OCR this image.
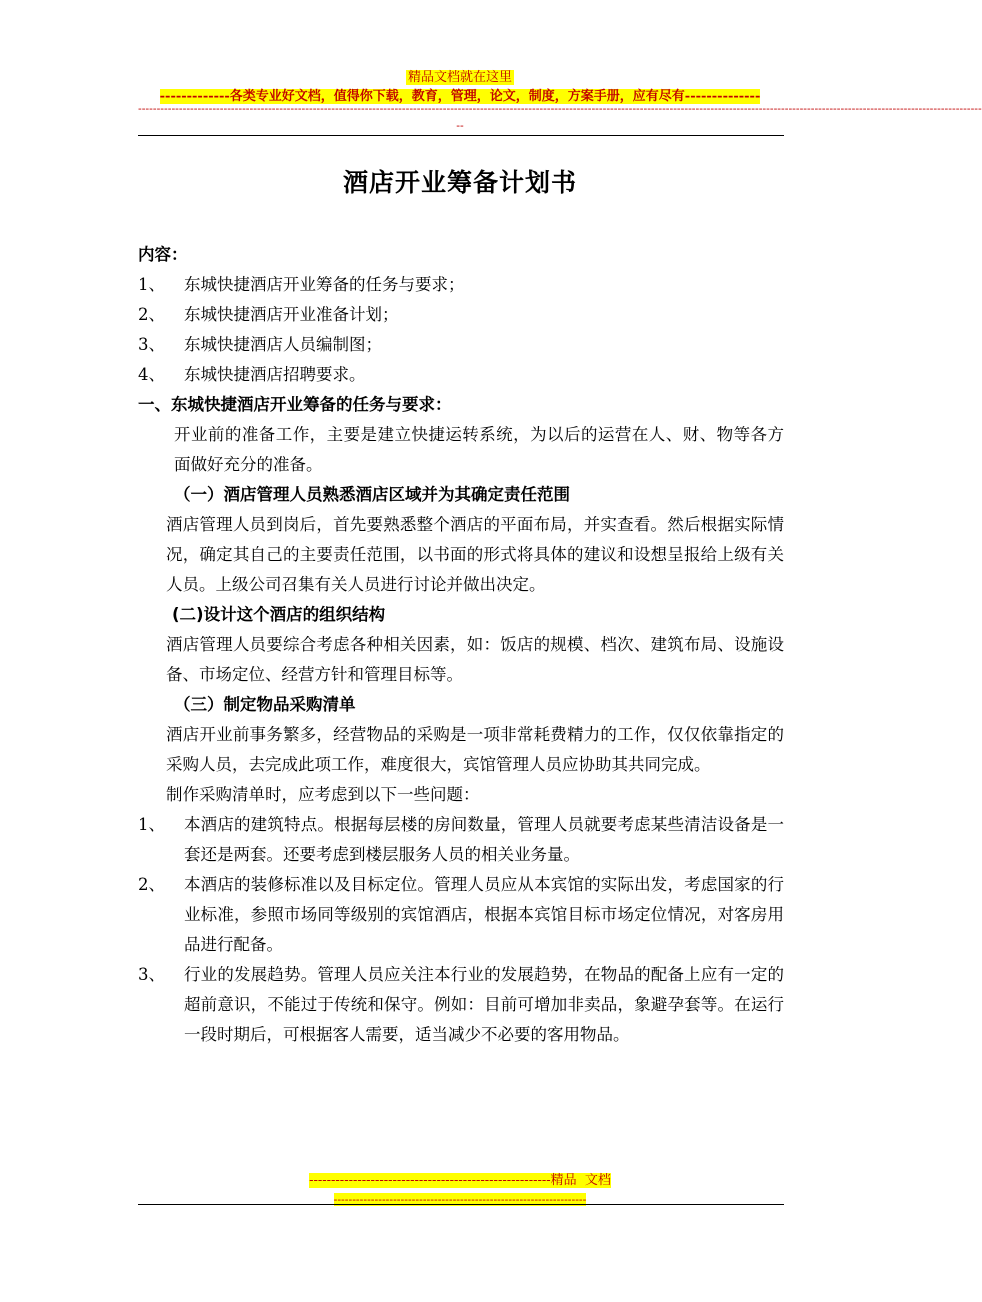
精品文档就在这里
-------------各类专业好文档，值得你下载，教育，管理，论文，制度，方案手册，应有尽有--------------
-----------------------------------------------------------------------------------------------------------------------------------------------------------------------------------------------------------------------------------
--
酒店开业筹备计划书

内容：

1、	东城快捷酒店开业筹备的任务与要求；
2、	东城快捷酒店开业准备计划；
3、	东城快捷酒店人员编制图；
4、	东城快捷酒店招聘要求。

一、东城快捷酒店开业筹备的任务与要求：

开业前的准备工作，主要是建立快捷运转系统，为以后的运营在人、财、物等各方面做好充分的准备。

（一）酒店管理人员熟悉酒店区域并为其确定责任范围

酒店管理人员到岗后，首先要熟悉整个酒店的平面布局，并实查看。然后根据实际情况，确定其自己的主要责任范围，以书面的形式将具体的建议和设想呈报给上级有关人员。上级公司召集有关人员进行讨论并做出决定。

(二)设计这个酒店的组织结构

酒店管理人员要综合考虑各种相关因素，如：饭店的规模、档次、建筑布局、设施设备、市场定位、经营方针和管理目标等。

（三）制定物品采购清单

酒店开业前事务繁多，经营物品的采购是一项非常耗费精力的工作，仅仅依靠指定的采购人员，去完成此项工作，难度很大，宾馆管理人员应协助其共同完成。

制作采购清单时，应考虑到以下一些问题：

1、	本酒店的建筑特点。根据每层楼的房间数量，管理人员就要考虑某些清洁设备是一套还是两套。还要考虑到楼层服务人员的相关业务量。
2、	本酒店的装修标准以及目标定位。管理人员应从本宾馆的实际出发，考虑国家的行业标准，参照市场同等级别的宾馆酒店，根据本宾馆目标市场定位情况，对客房用品进行配备。
3、	行业的发展趋势。管理人员应关注本行业的发展趋势，在物品的配备上应有一定的超前意识，不能过于传统和保守。例如：目前可增加非卖品，象避孕套等。在运行一段时期后，可根据客人需要，适当减少不必要的客用物品。
-------------------------------------------------------精品  文档
--------------------------------------------------------------------
